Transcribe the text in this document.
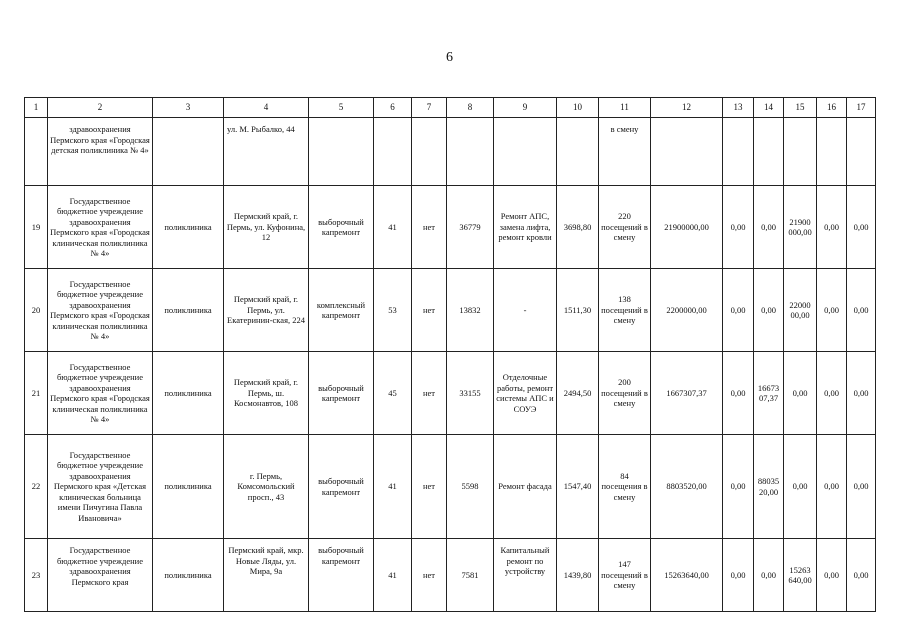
6
1	2	3	4	5	6	7	8	9	10	11	12	13	14	15	16	17
	здравоохранения Пермского края «Городская детская поликлиника № 4»		ул. М. Рыбалко, 44							в смену						
19	Государственное бюджетное учреждение здравоохранения Пермского края «Городская клиническая поликлиника № 4»	поликлиника	Пермский край, г. Пермь, ул. Куфонина, 12	выборочный капремонт	41	нет	36779	Ремонт АПС, замена лифта, ремонт кровли	3698,80	220 посещений в смену	21900000,00	0,00	0,00	21900 000,00	0,00	0,00
20	Государственное бюджетное учреждение здравоохранения Пермского края «Городская клиническая поликлиника № 4»	поликлиника	Пермский край, г. Пермь, ул. Екатеринин-ская, 224	комплексный капремонт	53	нет	13832	-	1511,30	138 посещений в смену	2200000,00	0,00	0,00	22000 00,00	0,00	0,00
21	Государственное бюджетное учреждение здравоохранения Пермского края «Городская клиническая поликлиника № 4»	поликлиника	Пермский край, г. Пермь, ш. Космонавтов, 108	выборочный капремонт	45	нет	33155	Отделочные работы, ремонт системы АПС и СОУЭ	2494,50	200 посещений в смену	1667307,37	0,00	16673 07,37	0,00	0,00	0,00
22	Государственное бюджетное учреждение здравоохранения Пермского края «Детская клиническая больница имени Пичугина Павла Ивановича»	поликлиника	г. Пермь, Комсомольский просп., 43	выборочный капремонт	41	нет	5598	Ремонт фасада	1547,40	84 посещения в смену	8803520,00	0,00	88035 20,00	0,00	0,00	0,00
23	Государственное бюджетное учреждение здравоохранения Пермского края	поликлиника	Пермский край, мкр. Новые Ляды, ул. Мира, 9а	выборочный капремонт	41	нет	7581	Капитальный ремонт по устройству	1439,80	147 посещений в смену	15263640,00	0,00	0,00	15263 640,00	0,00	0,00
